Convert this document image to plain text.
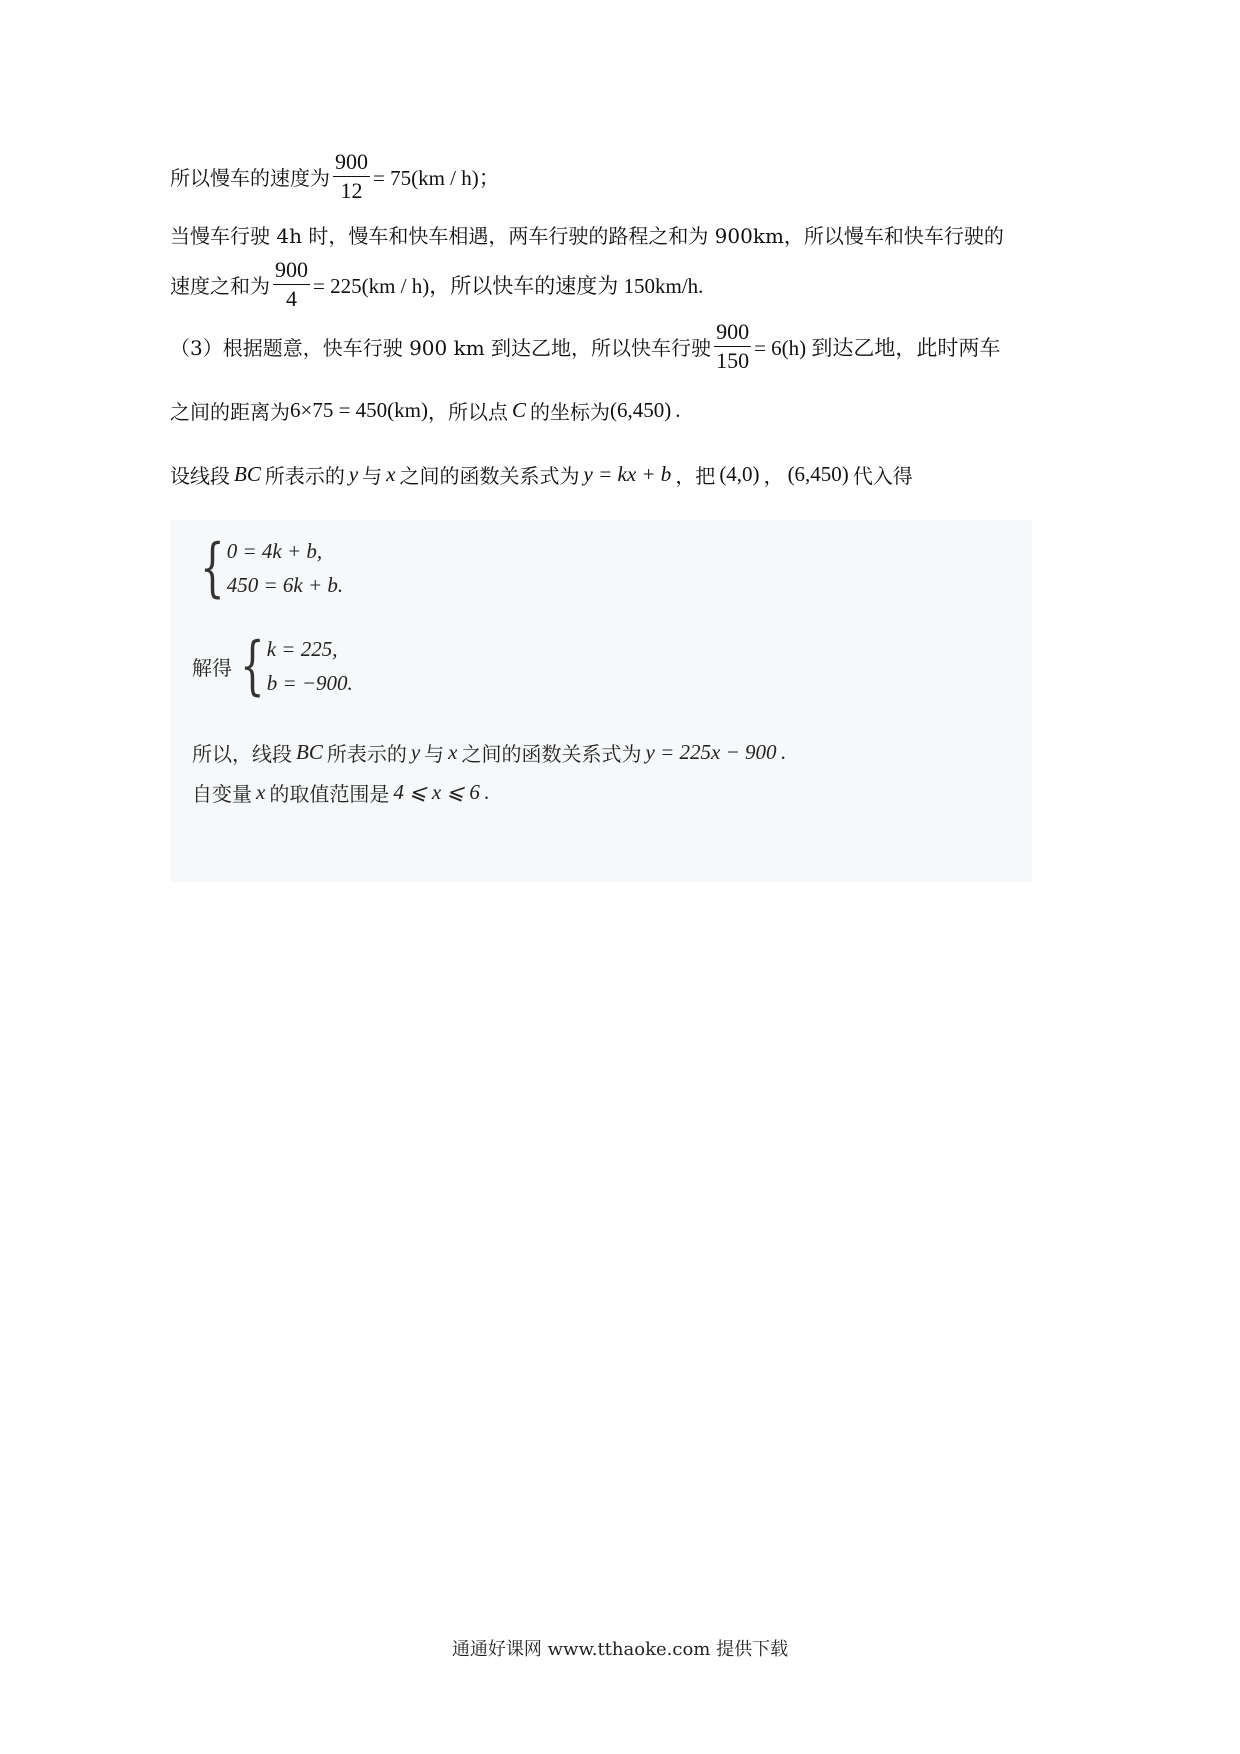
所以慢车的速度为 $\frac{900}{12} = 75(km / h)$；
当慢车行驶 4h 时，慢车和快车相遇，两车行驶的路程之和为 900km，所以慢车和快车行驶的
速度之和为 $\frac{900}{4} = 225(km / h)$，所以快车的速度为 150km/h.
（3）根据题意，快车行驶 900 km 到达乙地，所以快车行驶 $\frac{900}{150} = 6(h)$ 到达乙地，此时两车
之间的距离为 6×75 = 450(km) ，所以点 C 的坐标为 (6,450) .
设线段 BC 所表示的 y 与 x 之间的函数关系式为 y = kx + b ，把 (4,0) ， (6,450) 代入得
{ 0 = 4k + b,
450 = 6k + b.
解得 { k = 225,
b = −900.
所以，线段 BC 所表示的 y 与 x 之间的函数关系式为 y = 225x − 900 .
自变量 x 的取值范围是 4 ⩽ x ⩽ 6 .
通通好课网 www.tthaoke.com 提供下载
